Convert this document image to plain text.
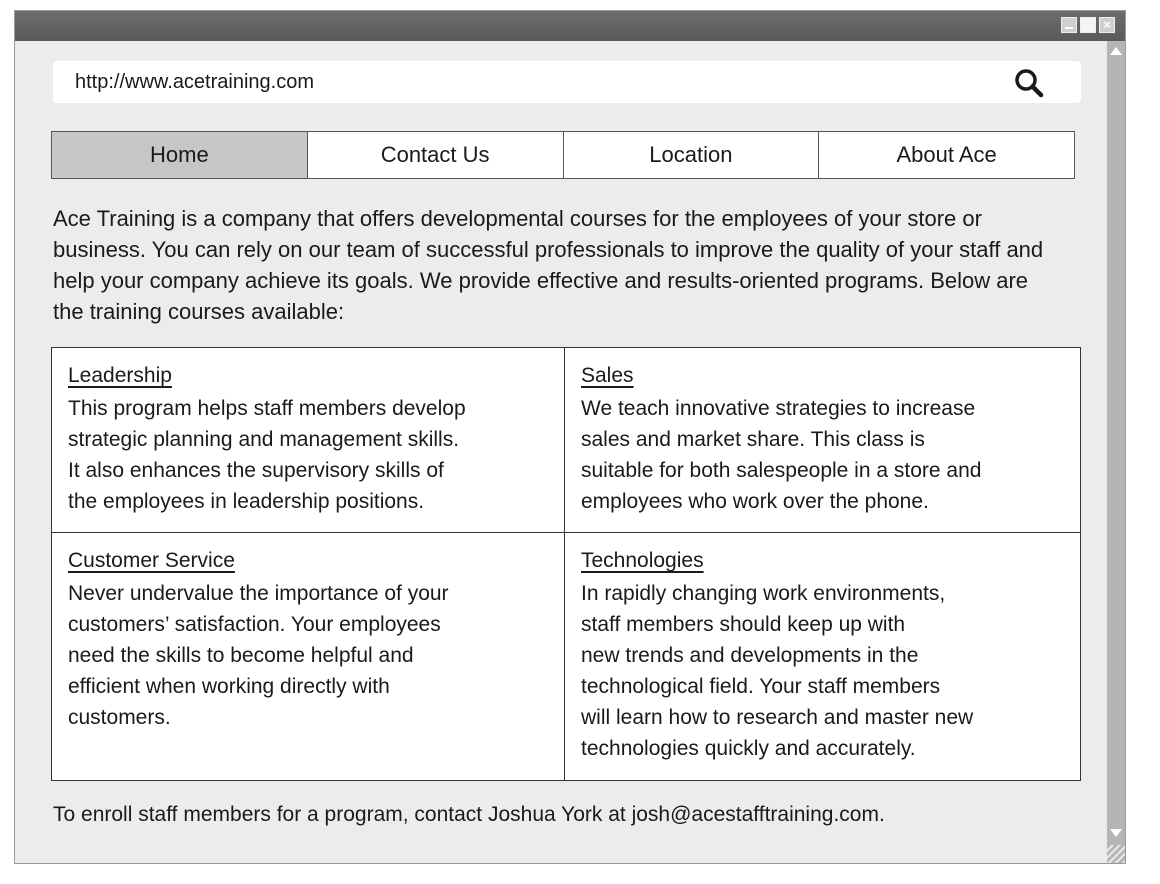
×
http://www.acetraining.com
Home	Contact Us	Location	About Ace

Ace Training is a company that offers developmental courses for the employees of your store or business. You can rely on our team of successful professionals to improve the quality of your staff and help your company achieve its goals. We provide effective and results-oriented programs. Below are the training courses available:

Leadership

This program helps staff members develop
strategic planning and management skills.
It also enhances the supervisory skills of
the employees in leadership positions.

Sales

We teach innovative strategies to increase
sales and market share. This class is
suitable for both salespeople in a store and
employees who work over the phone.

Customer Service

Never undervalue the importance of your
customers’ satisfaction. Your employees
need the skills to become helpful and
efficient when working directly with
customers.

Technologies

In rapidly changing work environments,
staff members should keep up with
new trends and developments in the
technological field. Your staff members
will learn how to research and master new
technologies quickly and accurately.

To enroll staff members for a program, contact Joshua York at josh@acestafftraining.com.
